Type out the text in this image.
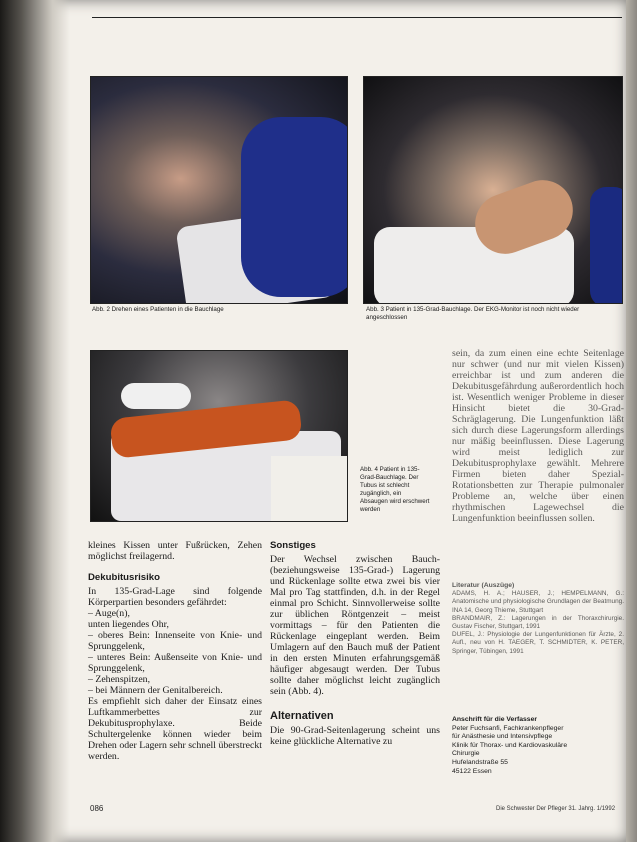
Abb. 2 Drehen eines Patienten in die Bauchlage	Abb. 3 Patient in 135-Grad-Bauchlage. Der EKG-Monitor ist noch nicht wieder angeschlossen
Abb. 4 Patient in 135-Grad-Bauchlage. Der Tubus ist schlecht zugänglich, ein Absaugen wird erschwert werden

kleines Kissen unter Fußrücken, Zehen möglichst freilagernd.

Dekubitusrisiko

In 135-Grad-Lage sind folgende Körperpartien besonders gefährdet:

– Auge(n),
unten liegendes Ohr,
– oberes Bein: Innenseite von Knie- und Sprunggelenk,
– unteres Bein: Außenseite von Knie- und Sprunggelenk,
– Zehenspitzen,
– bei Männern der Genitalbereich.

Es empfiehlt sich daher der Einsatz eines Luftkammerbettes zur Dekubitusprophylaxe. Beide Schultergelenke können wieder beim Drehen oder Lagern sehr schnell überstreckt werden.

Sonstiges

Der Wechsel zwischen Bauch- (beziehungsweise 135-Grad-) Lagerung und Rückenlage sollte etwa zwei bis vier Mal pro Tag stattfinden, d.h. in der Regel einmal pro Schicht. Sinnvollerweise sollte zur üblichen Röntgenzeit – meist vormittags – für den Patienten die Rückenlage eingeplant werden. Beim Umlagern auf den Bauch muß der Patient in den ersten Minuten erfahrungsgemäß häufiger abgesaugt werden. Der Tubus sollte daher möglichst leicht zugänglich sein (Abb. 4).

Alternativen

Die 90-Grad-Seitenlagerung scheint uns keine glückliche Alternative zu

sein, da zum einen eine echte Seitenlage nur schwer (und nur mit vielen Kissen) erreichbar ist und zum anderen die Dekubitusgefährdung außerordentlich hoch ist. Wesentlich weniger Probleme in dieser Hinsicht bietet die 30-Grad-Schräglagerung. Die Lungenfunktion läßt sich durch diese Lagerungsform allerdings nur mäßig beeinflussen. Diese Lagerung wird meist lediglich zur Dekubitusprophylaxe gewählt. Mehrere Firmen bieten daher Spezial-Rotationsbetten zur Therapie pulmonaler Probleme an, welche über einen rhythmischen Lagewechsel die Lungenfunktion beeinflussen sollen.

Literatur (Auszüge)

ADAMS, H. A.; HAUSER, J.; HEMPELMANN, G.: Anatomische und physiologische Grundlagen der Beatmung. INA 14, Georg Thieme, Stuttgart

BRANDMAIR, Z.: Lagerungen in der Thoraxchirurgie. Gustav Fischer, Stuttgart, 1991

DUFEL, J.: Physiologie der Lungenfunktionen für Ärzte, 2. Aufl., neu von H. TAEGER, T. SCHMIDTER, K. PETER, Springer, Tübingen, 1991

Anschrift für die Verfasser

Peter Fuchsanfi, Fachkrankenpfleger

für Anästhesie und Intensivpflege

Klinik für Thorax- und Kardiovaskuläre

Chirurgie

Hufelandstraße 55

45122 Essen

086	Die Schwester Der Pfleger 31. Jahrg. 1/1992
